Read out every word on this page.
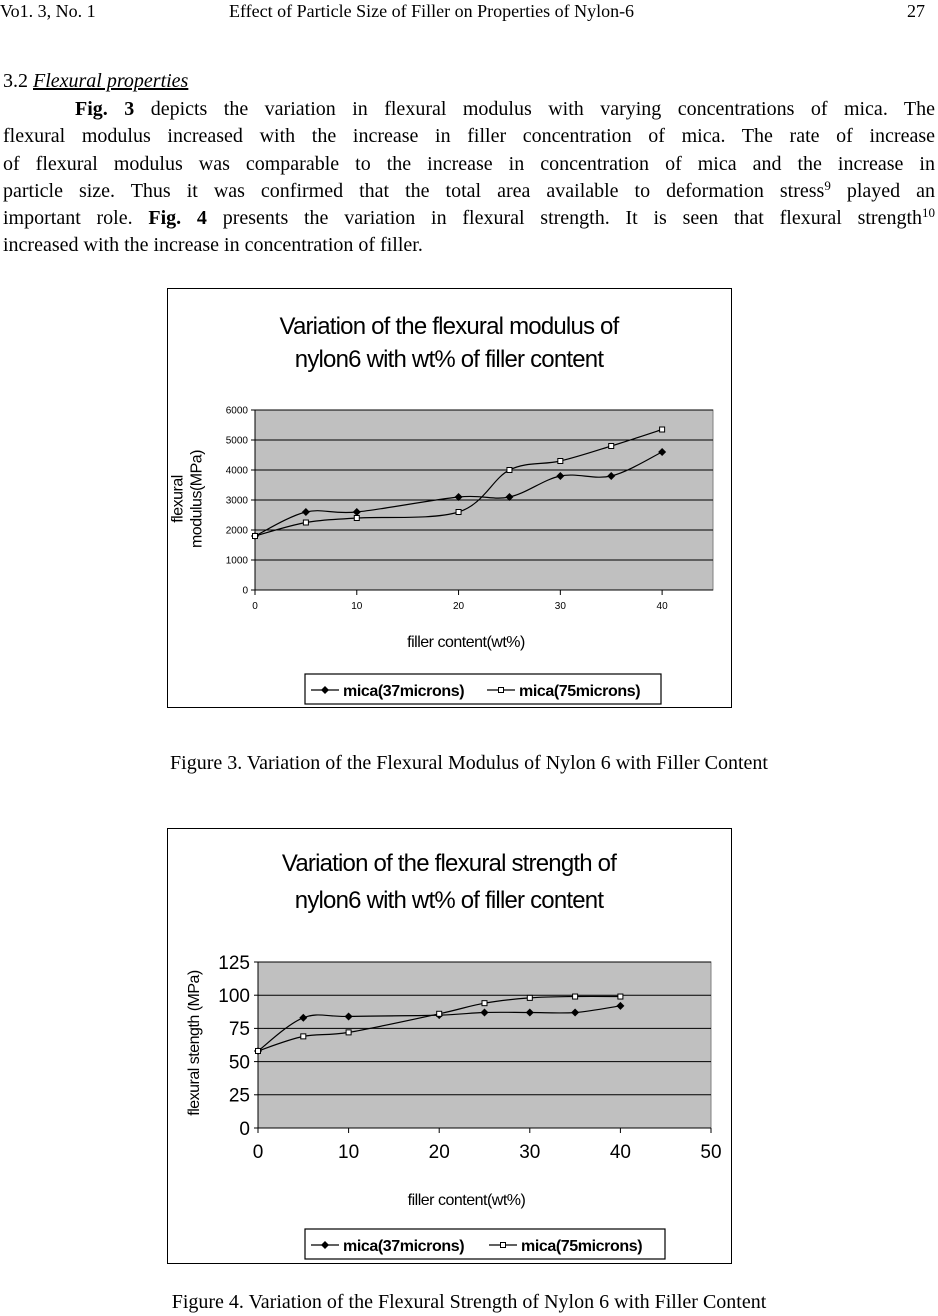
Vo1. 3, No. 1	Effect of Particle Size of Filler on Properties of Nylon-6	27
3.2 Flexural properties
Fig. 3 depicts the variation in flexural modulus with varying concentrations of mica. The
flexural modulus increased with the increase in filler concentration of mica. The rate of increase
of flexural modulus was comparable to the increase in concentration of mica and the increase in
particle size. Thus it was confirmed that the total area available to deformation stress$^9$ played an
important role. Fig. 4 presents the variation in flexural strength. It is seen that flexural strength$^{10}$
increased with the increase in concentration of filler.
Variation of the flexural modulus of
nylon6 with wt% of filler content
0
1000
2000
3000
4000
5000
6000
0	10	20	30	40
flexural modulus(MPa)
filler content(wt%)
mica(37microns)	mica(75microns)
Figure 3. Variation of the Flexural Modulus of Nylon 6 with Filler Content
Variation of the flexural strength of
nylon6 with wt% of filler content
0
25
50
75
100
125
0	10	20	30	40	50
flexural stength (MPa)
filler content(wt%)
mica(37microns)	mica(75microns)
Figure 4. Variation of the Flexural Strength of Nylon 6 with Filler Content
